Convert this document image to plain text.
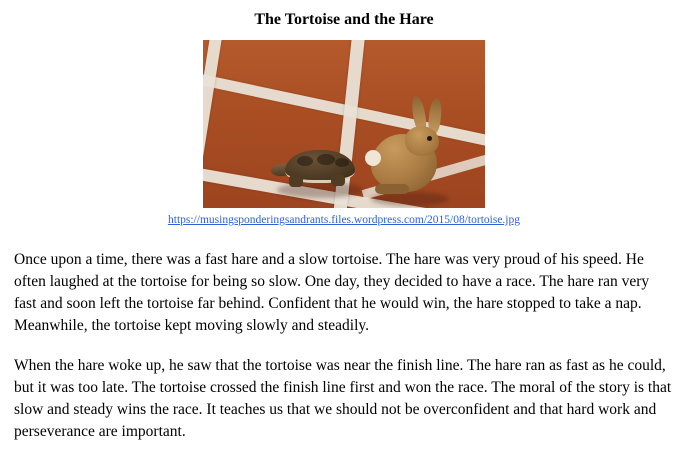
The Tortoise and the Hare
https://musingsponderingsandrants.files.wordpress.com/2015/08/tortoise.jpg

Once upon a time, there was a fast hare and a slow tortoise. The hare was very proud of his speed. He often laughed at the tortoise for being so slow. One day, they decided to have a race. The hare ran very fast and soon left the tortoise far behind. Confident that he would win, the hare stopped to take a nap. Meanwhile, the tortoise kept moving slowly and steadily.

When the hare woke up, he saw that the tortoise was near the finish line. The hare ran as fast as he could, but it was too late. The tortoise crossed the finish line first and won the race. The moral of the story is that slow and steady wins the race. It teaches us that we should not be overconfident and that hard work and perseverance are important.
